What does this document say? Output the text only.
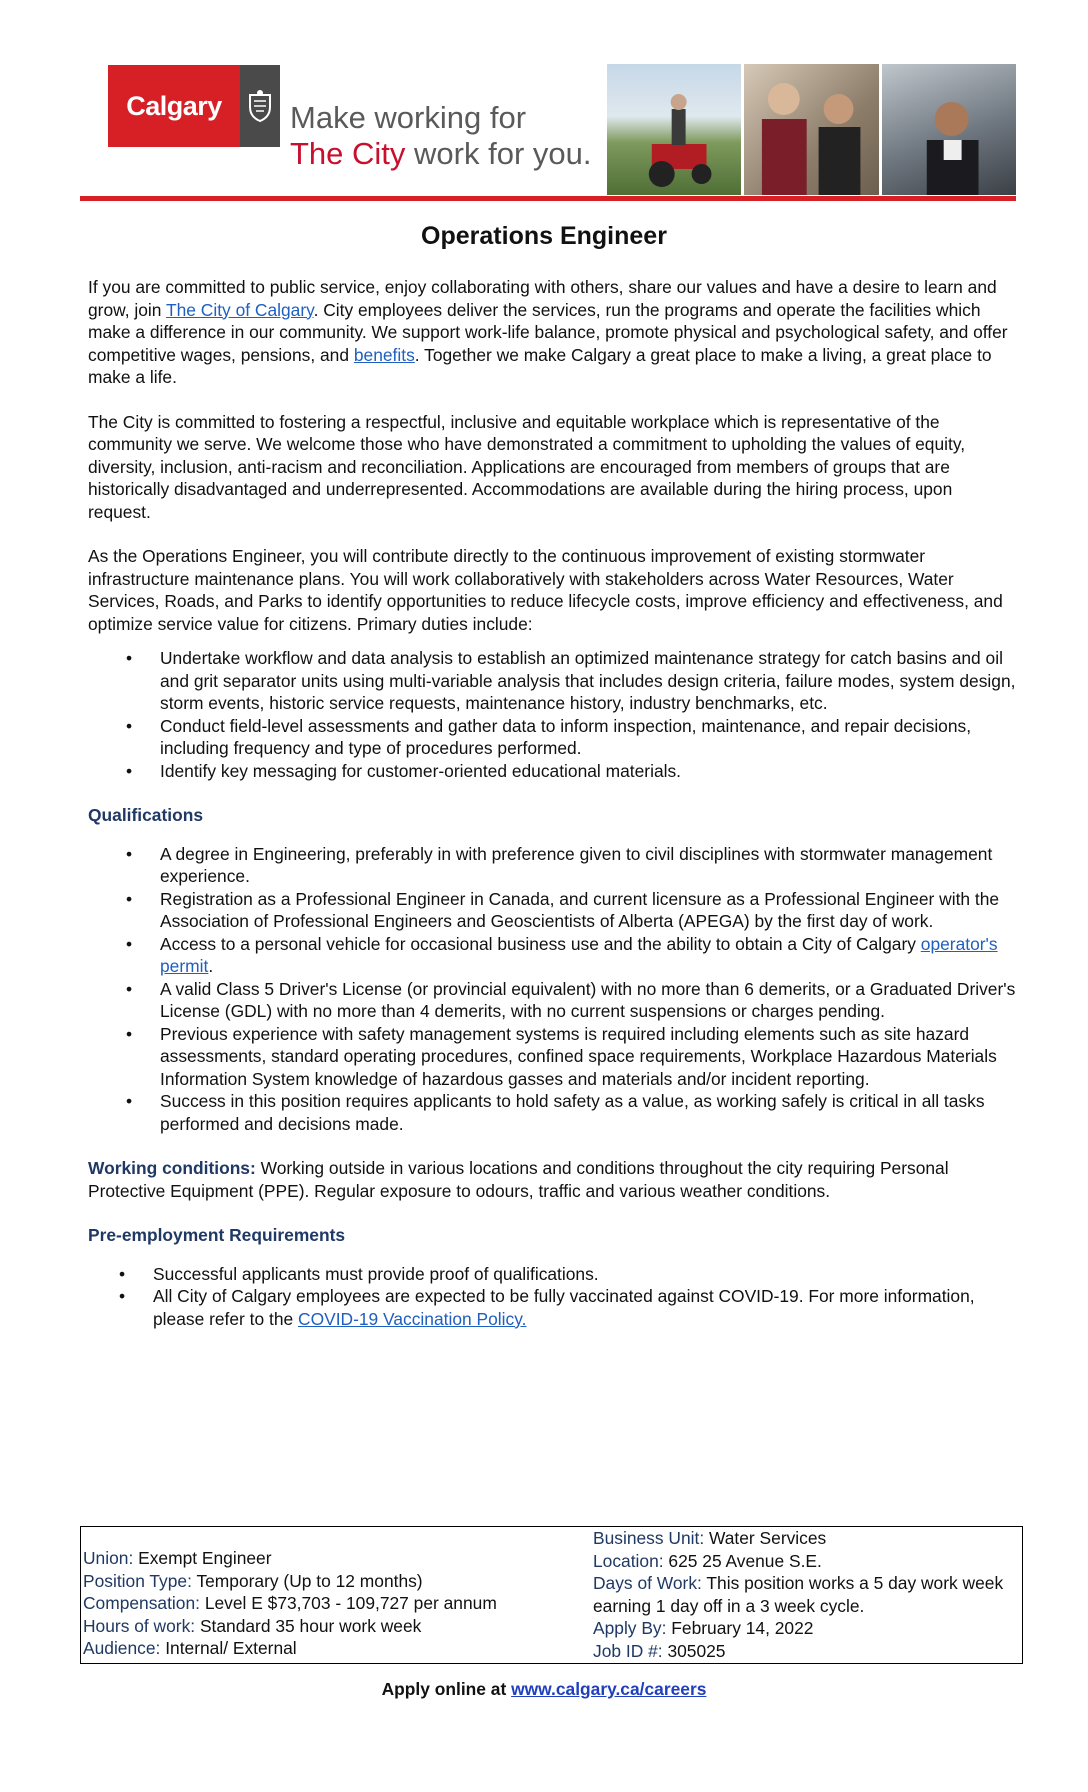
Calgary Make working for
The City work for you.
Operations Engineer

If you are committed to public service, enjoy collaborating with others, share our values and have a desire to learn and grow, join The City of Calgary. City employees deliver the services, run the programs and operate the facilities which make a difference in our community. We support work-life balance, promote physical and psychological safety, and offer competitive wages, pensions, and benefits. Together we make Calgary a great place to make a living, a great place to make a life.

The City is committed to fostering a respectful, inclusive and equitable workplace which is representative of the community we serve. We welcome those who have demonstrated a commitment to upholding the values of equity, diversity, inclusion, anti-racism and reconciliation. Applications are encouraged from members of groups that are historically disadvantaged and underrepresented. Accommodations are available during the hiring process, upon request.

As the Operations Engineer, you will contribute directly to the continuous improvement of existing stormwater infrastructure maintenance plans. You will work collaboratively with stakeholders across Water Resources, Water Services, Roads, and Parks to identify opportunities to reduce lifecycle costs, improve efficiency and effectiveness, and optimize service value for citizens. Primary duties include:

• Undertake workflow and data analysis to establish an optimized maintenance strategy for catch basins and oil and grit separator units using multi-variable analysis that includes design criteria, failure modes, system design, storm events, historic service requests, maintenance history, industry benchmarks, etc.
• Conduct field-level assessments and gather data to inform inspection, maintenance, and repair decisions, including frequency and type of procedures performed.
• Identify key messaging for customer-oriented educational materials.
Qualifications
• A degree in Engineering, preferably in with preference given to civil disciplines with stormwater management experience.
• Registration as a Professional Engineer in Canada, and current licensure as a Professional Engineer with the Association of Professional Engineers and Geoscientists of Alberta (APEGA) by the first day of work.
• Access to a personal vehicle for occasional business use and the ability to obtain a City of Calgary operator's permit.
• A valid Class 5 Driver's License (or provincial equivalent) with no more than 6 demerits, or a Graduated Driver's License (GDL) with no more than 4 demerits, with no current suspensions or charges pending.
• Previous experience with safety management systems is required including elements such as site hazard assessments, standard operating procedures, confined space requirements, Workplace Hazardous Materials Information System knowledge of hazardous gasses and materials and/or incident reporting.
• Success in this position requires applicants to hold safety as a value, as working safely is critical in all tasks performed and decisions made.

Working conditions: Working outside in various locations and conditions throughout the city requiring Personal Protective Equipment (PPE). Regular exposure to odours, traffic and various weather conditions.

Pre-employment Requirements
• Successful applicants must provide proof of qualifications.
• All City of Calgary employees are expected to be fully vaccinated against COVID-19. For more information, please refer to the COVID-19 Vaccination Policy.
Union: Exempt Engineer
Position Type: Temporary (Up to 12 months)
Compensation: Level E $73,703 - 109,727 per annum
Hours of work: Standard 35 hour work week
Audience: Internal/ External
Business Unit: Water Services
Location: 625 25 Avenue S.E.
Days of Work: This position works a 5 day work week earning 1 day off in a 3 week cycle.
Apply By: February 14, 2022
Job ID #: 305025
Apply online at www.calgary.ca/careers
